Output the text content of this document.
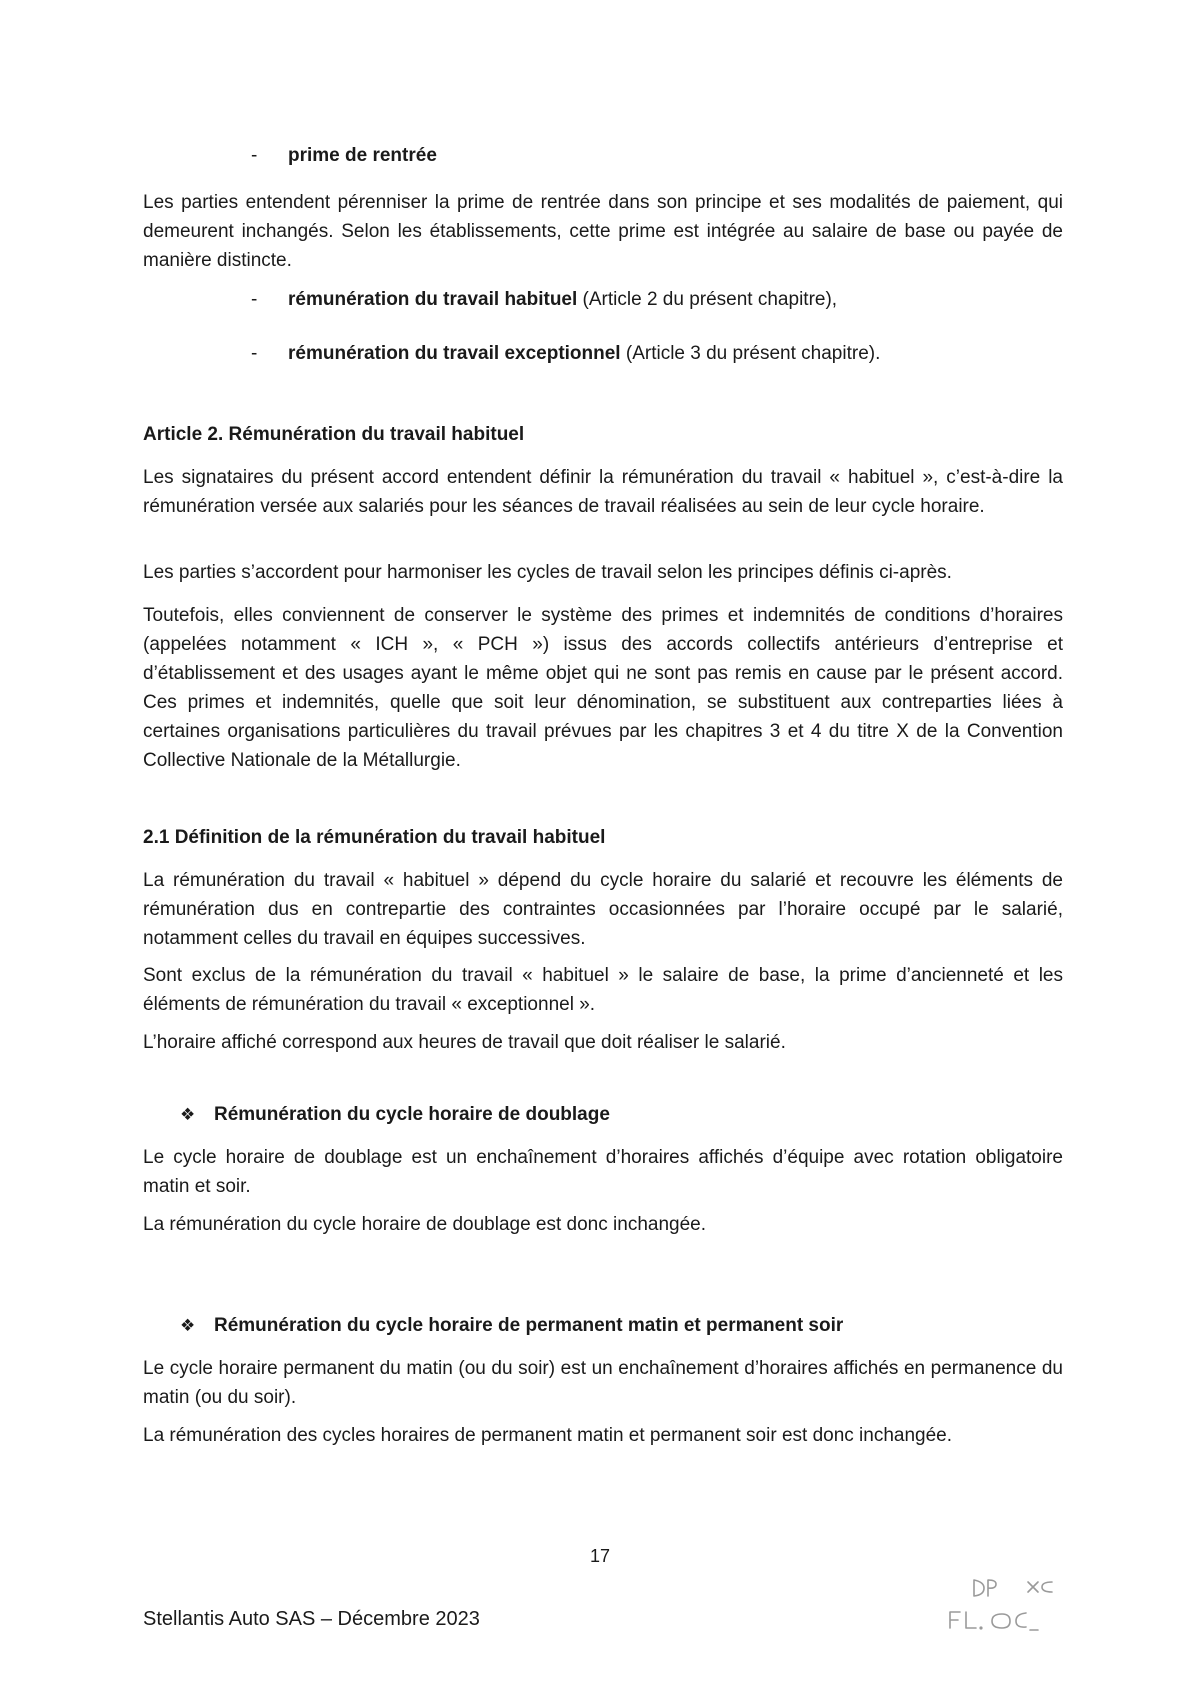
- prime de rentrée

Les parties entendent pérenniser la prime de rentrée dans son principe et ses modalités de paiement, qui demeurent inchangés. Selon les établissements, cette prime est intégrée au salaire de base ou payée de manière distincte.

- rémunération du travail habituel (Article 2 du présent chapitre),
- rémunération du travail exceptionnel (Article 3 du présent chapitre).
Article 2. Rémunération du travail habituel

Les signataires du présent accord entendent définir la rémunération du travail « habituel », c’est-à-dire la rémunération versée aux salariés pour les séances de travail réalisées au sein de leur cycle horaire.

Les parties s’accordent pour harmoniser les cycles de travail selon les principes définis ci-après.

Toutefois, elles conviennent de conserver le système des primes et indemnités de conditions d’horaires (appelées notamment « ICH », « PCH ») issus des accords collectifs antérieurs d’entreprise et d’établissement et des usages ayant le même objet qui ne sont pas remis en cause par le présent accord. Ces primes et indemnités, quelle que soit leur dénomination, se substituent aux contreparties liées à certaines organisations particulières du travail prévues par les chapitres 3 et 4 du titre X de la Convention Collective Nationale de la Métallurgie.

2.1 Définition de la rémunération du travail habituel

La rémunération du travail « habituel » dépend du cycle horaire du salarié et recouvre les éléments de rémunération dus en contrepartie des contraintes occasionnées par l’horaire occupé par le salarié, notamment celles du travail en équipes successives.

Sont exclus de la rémunération du travail « habituel » le salaire de base, la prime d’ancienneté et les éléments de rémunération du travail « exceptionnel ».

L’horaire affiché correspond aux heures de travail que doit réaliser le salarié.

❖ Rémunération du cycle horaire de doublage

Le cycle horaire de doublage est un enchaînement d’horaires affichés d’équipe avec rotation obligatoire matin et soir.

La rémunération du cycle horaire de doublage est donc inchangée.

❖ Rémunération du cycle horaire de permanent matin et permanent soir

Le cycle horaire permanent du matin (ou du soir) est un enchaînement d’horaires affichés en permanence du matin (ou du soir).

La rémunération des cycles horaires de permanent matin et permanent soir est donc inchangée.

17
Stellantis Auto SAS – Décembre 2023
